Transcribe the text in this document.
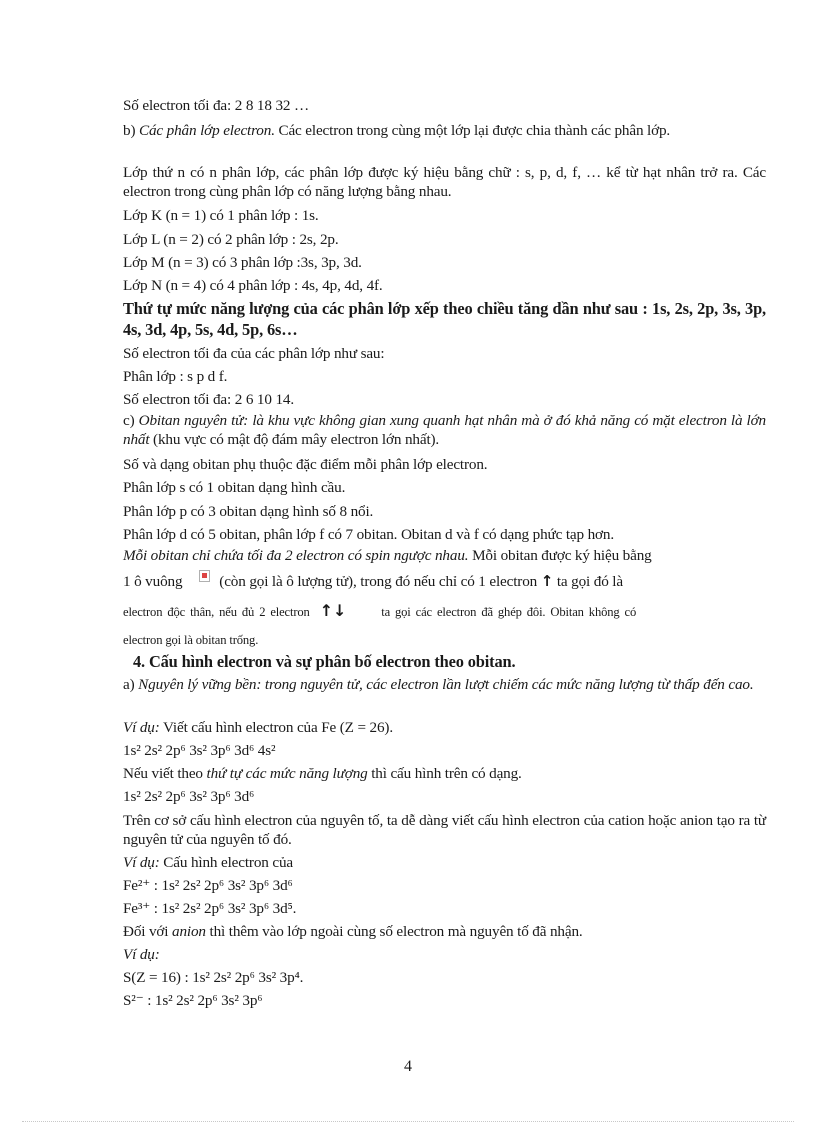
Số electron tối đa: 2 8 18 32 …
b) Các phân lớp electron. Các electron trong cùng một lớp lại được chia thành các phân lớp.
Lớp thứ n có n phân lớp, các phân lớp được ký hiệu bằng chữ : s, p, d, f, … kể từ hạt nhân trở ra. Các electron trong cùng phân lớp có năng lượng bằng nhau.
Lớp K (n = 1) có 1 phân lớp : 1s.
Lớp L (n = 2) có 2 phân lớp : 2s, 2p.
Lớp M (n = 3) có 3 phân lớp :3s, 3p, 3d.
Lớp N (n = 4) có 4 phân lớp : 4s, 4p, 4d, 4f.
Thứ tự mức năng lượng của các phân lớp xếp theo chiều tăng dần như sau : 1s, 2s, 2p, 3s, 3p, 4s, 3d, 4p, 5s, 4d, 5p, 6s…
Số electron tối đa của các phân lớp như sau:
Phân lớp : s p d f.
Số electron tối đa: 2 6 10 14.
c) Obitan nguyên tử: là khu vực không gian xung quanh hạt nhân mà ở đó khả năng có mặt electron là lớn nhất (khu vực có mật độ đám mây electron lớn nhất).
Số và dạng obitan phụ thuộc đặc điểm mỗi phân lớp electron.
Phân lớp s có 1 obitan dạng hình cầu.
Phân lớp p có 3 obitan dạng hình số 8 nổi.
Phân lớp d có 5 obitan, phân lớp f có 7 obitan. Obitan d và f có dạng phức tạp hơn.
Mỗi obitan chỉ chứa tối đa 2 electron có spin ngược nhau. Mỗi obitan được ký hiệu bằng
1 ô vuông (còn gọi là ô lượng tử), trong đó nếu chỉ có 1 electron ↑ ta gọi đó là
electron độc thân, nếu đủ 2 electron ↑↓	ta gọi các electron đã ghép đôi. Obitan không có
electron gọi là obitan trống.
4. Cấu hình electron và sự phân bố electron theo obitan.
a) Nguyên lý vững bền: trong nguyên tử, các electron lần lượt chiếm các mức năng lượng từ thấp đến cao.
Ví dụ: Viết cấu hình electron của Fe (Z = 26).
1s² 2s² 2p⁶ 3s² 3p⁶ 3d⁶ 4s²
Nếu viết theo thứ tự các mức năng lượng thì cấu hình trên có dạng.
1s² 2s² 2p⁶ 3s² 3p⁶ 3d⁶
Trên cơ sở cấu hình electron của nguyên tố, ta dễ dàng viết cấu hình electron của cation hoặc anion tạo ra từ nguyên tử của nguyên tố đó.
Ví dụ: Cấu hình electron của
Fe²⁺ : 1s² 2s² 2p⁶ 3s² 3p⁶ 3d⁶
Fe³⁺ : 1s² 2s² 2p⁶ 3s² 3p⁶ 3d⁵.
Đối với anion thì thêm vào lớp ngoài cùng số electron mà nguyên tố đã nhận.
Ví dụ:
S(Z = 16) : 1s² 2s² 2p⁶ 3s² 3p⁴.
S²⁻ : 1s² 2s² 2p⁶ 3s² 3p⁶
4
